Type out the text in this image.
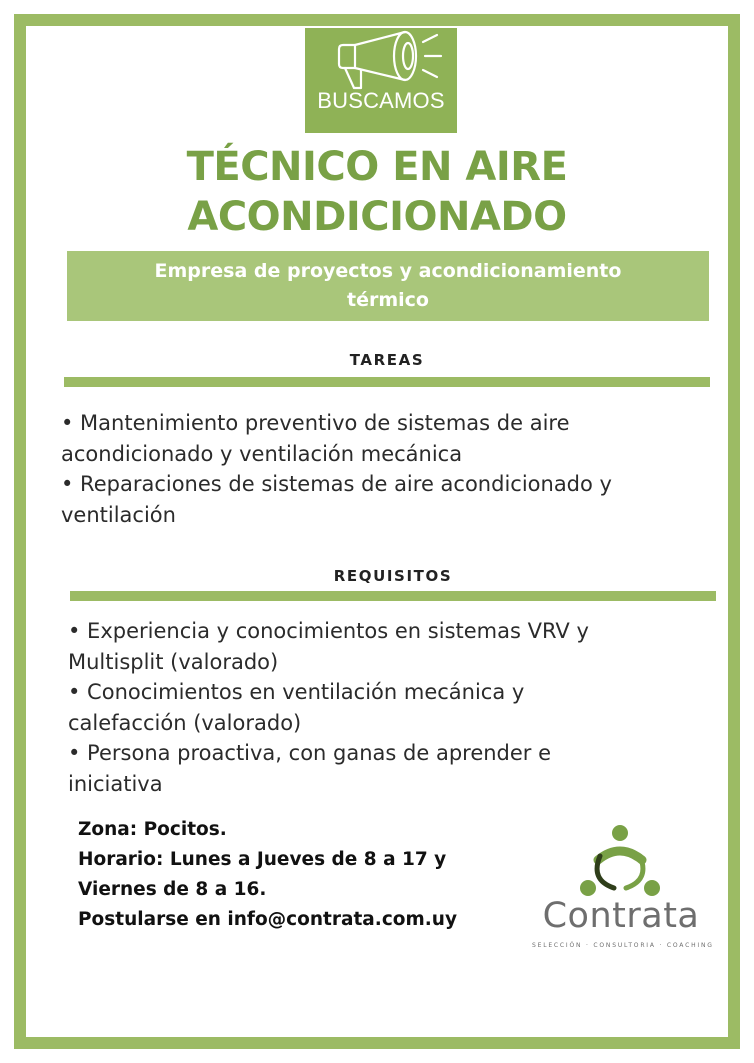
BUSCAMOS
TÉCNICO EN AIRE
ACONDICIONADO
Empresa de proyectos y acondicionamiento
térmico
TAREAS
• Mantenimiento preventivo de sistemas de aire
acondicionado y ventilación mecánica
• Reparaciones de sistemas de aire acondicionado y
ventilación
REQUISITOS
• Experiencia y conocimientos en sistemas VRV y
Multisplit (valorado)
• Conocimientos en ventilación mecánica y
calefacción (valorado)
• Persona proactiva, con ganas de aprender e
iniciativa
Zona: Pocitos.
Horario: Lunes a Jueves de 8 a 17 y
Viernes de 8 a 16.
Postularse en info@contrata.com.uy	Contrata
SELECCIÓN · CONSULTORIA · COACHING
